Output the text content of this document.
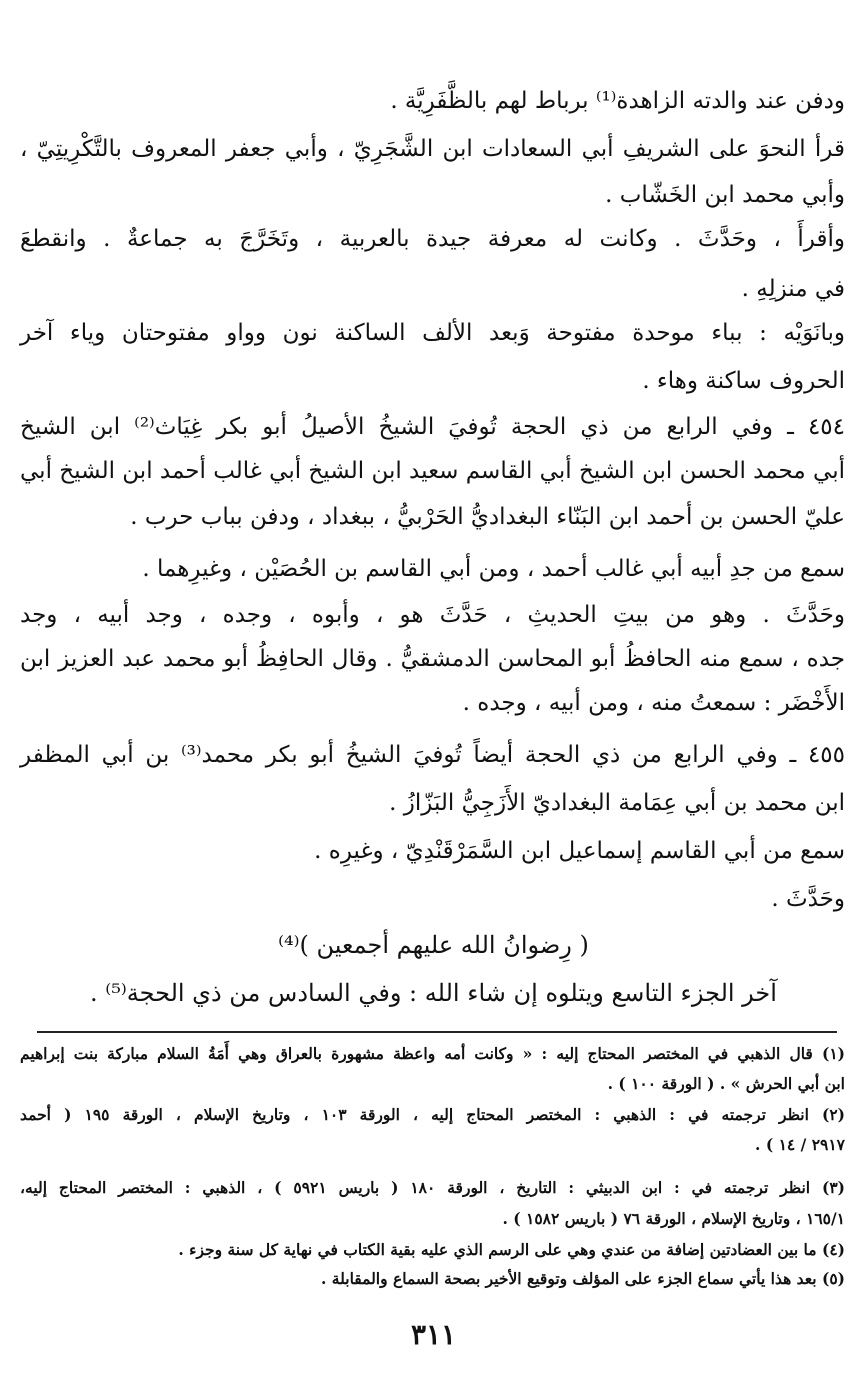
ودفن عند والدته الزاهدة⁽¹⁾ برباط لهم بالظَّفَرِيَّة .
قرأ النحوَ على الشريفِ أبي السعادات ابن الشَّجَرِيّ ، وأبي جعفر المعروف بالتَّكْرِيتِيّ ،
وأبي محمد ابن الخَشّاب .
وأقرأَ ، وحَدَّثَ . وكانت له معرفة جيدة بالعربية ، وتَخَرَّجَ به جماعةٌ . وانقطعَ
في منزلِهِ .
وبانَوَيْه : بباء موحدة مفتوحة وَبعد الألف الساكنة نون وواو مفتوحتان وياء آخر
الحروف ساكنة وهاء .
٤٥٤ ـ وفي الرابع من ذي الحجة تُوفيَ الشيخُ الأصيلُ أبو بكر غِيَاث⁽²⁾ ابن الشيخ
أبي محمد الحسن ابن الشيخ أبي القاسم سعيد ابن الشيخ أبي غالب أحمد ابن الشيخ أبي
عليّ الحسن بن أحمد ابن البَنّاء البغداديُّ الحَرْبيُّ ، ببغداد ، ودفن بباب حرب .
سمع من جدِ أبيه أبي غالب أحمد ، ومن أبي القاسم بن الحُصَيْن ، وغيرِهما .
وحَدَّثَ . وهو من بيتِ الحديثِ ، حَدَّثَ هو ، وأبوه ، وجده ، وجد أبيه ، وجد
جده ، سمع منه الحافظُ أبو المحاسن الدمشقيُّ . وقال الحافِظُ أبو محمد عبد العزيز ابن
الأَخْضَر : سمعتُ منه ، ومن أبيه ، وجده .
٤٥٥ ـ وفي الرابع من ذي الحجة أيضاً تُوفيَ الشيخُ أبو بكر محمد⁽³⁾ بن أبي المظفر
ابن محمد بن أبي عِمَامة البغداديّ الأَزَجِيُّ البَزّازُ .
سمع من أبي القاسم إسماعيل ابن السَّمَرْقَنْدِيّ ، وغيرِه .
وحَدَّثَ .
( رِضوانُ الله عليهم أجمعين )⁽⁴⁾
آخر الجزء التاسع ويتلوه إن شاء الله : وفي السادس من ذي الحجة⁽⁵⁾ .
(١) قال الذهبي في المختصر المحتاج إليه : « وكانت أمه واعظة مشهورة بالعراق وهي أَمَةُ السلام مباركة بنت إبراهيم
ابن أبي الحرش » . ( الورقة ١٠٠ ) .
(٢) انظر ترجمته في : الذهبي : المختصر المحتاج إليه ، الورقة ١٠٣ ، وتاريخ الإسلام ، الورقة ١٩٥ ( أحمد
٢٩١٧ / ١٤ ) .
(٣) انظر ترجمته في : ابن الدبيثي : التاريخ ، الورقة ١٨٠ ( باريس ٥٩٢١ ) ، الذهبي : المختصر المحتاج إليه،
١٦٥/١ ، وتاريخ الإسلام ، الورقة ٧٦ ( باريس ١٥٨٢ ) .
(٤) ما بين العضادتين إضافة من عندي وهي على الرسم الذي عليه بقية الكتاب في نهاية كل سنة وجزء .
(٥) بعد هذا يأتي سماع الجزء على المؤلف وتوقيع الأخير بصحة السماع والمقابلة .
٣١١
